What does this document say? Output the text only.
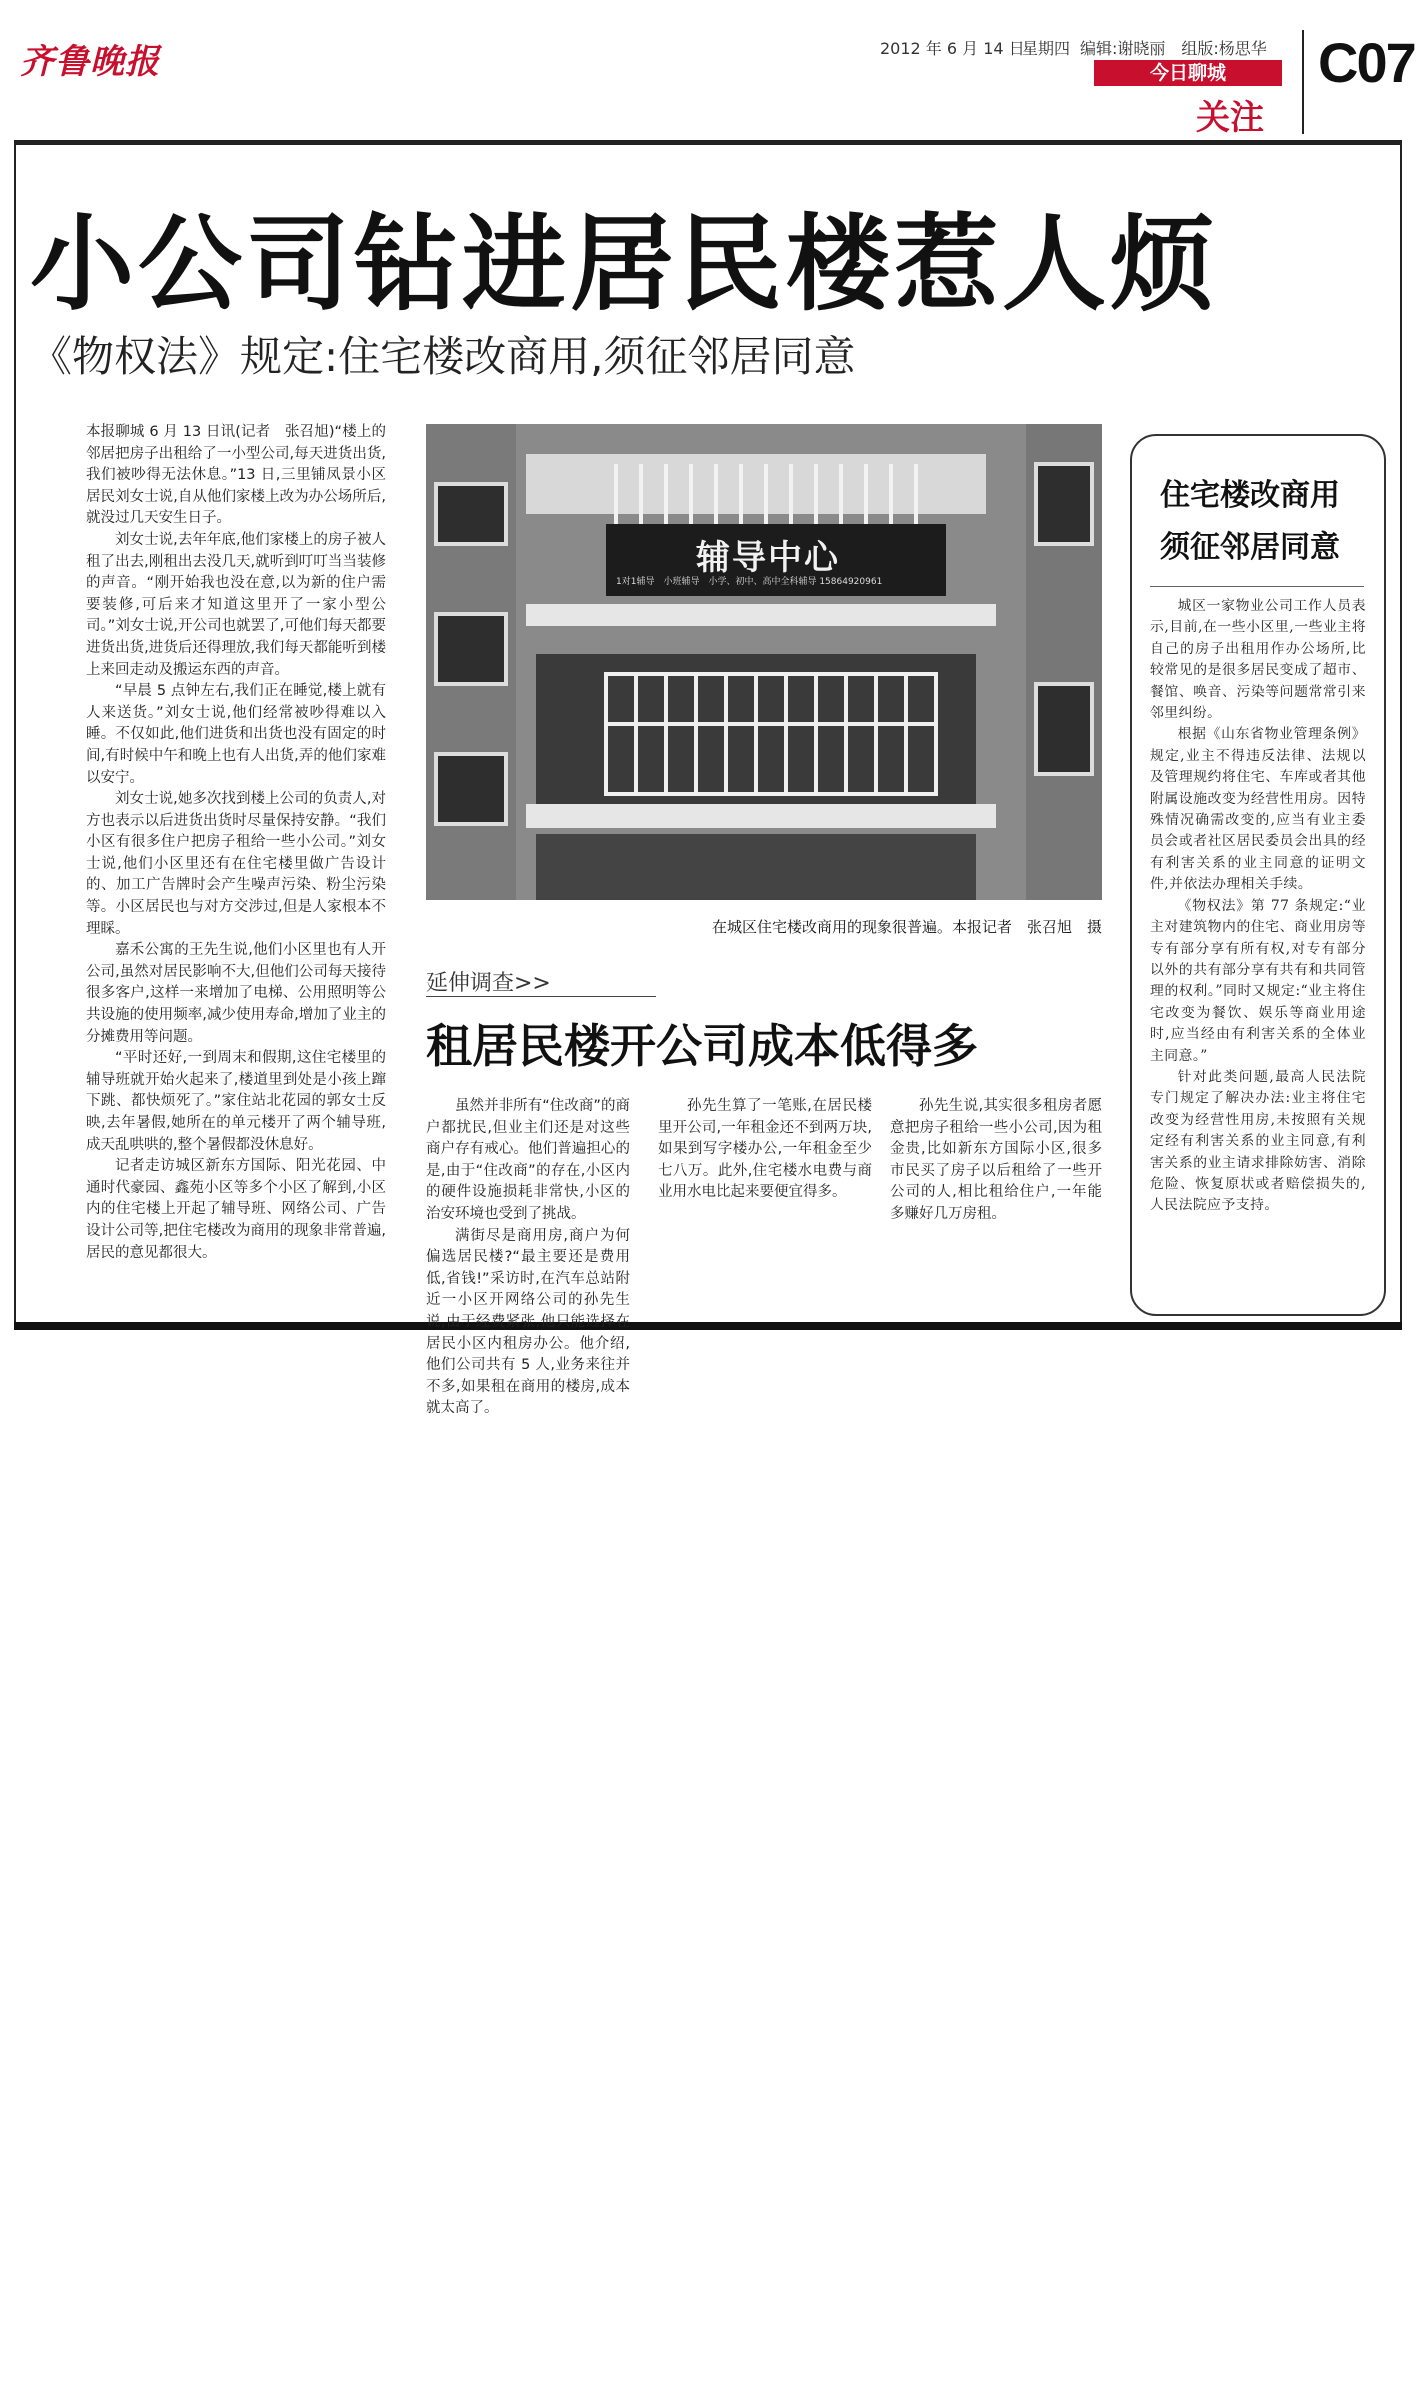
齐鲁晚报	2012 年 6 月 14 日
星期四 编辑:谢晓丽　组版:杨思华
今日聊城
关注
C07
小公司钻进居民楼惹人烦
《物权法》规定:住宅楼改商用,须征邻居同意

本报聊城 6 月 13 日讯(记者　张召旭)“楼上的邻居把房子出租给了一小型公司,每天进货出货,我们被吵得无法休息。”13 日,三里铺凤景小区居民刘女士说,自从他们家楼上改为办公场所后,就没过几天安生日子。

刘女士说,去年年底,他们家楼上的房子被人租了出去,刚租出去没几天,就听到叮叮当当装修的声音。“刚开始我也没在意,以为新的住户需要装修,可后来才知道这里开了一家小型公司。”刘女士说,开公司也就罢了,可他们每天都要进货出货,进货后还得理放,我们每天都能听到楼上来回走动及搬运东西的声音。

“早晨 5 点钟左右,我们正在睡觉,楼上就有人来送货。”刘女士说,他们经常被吵得难以入睡。不仅如此,他们进货和出货也没有固定的时间,有时候中午和晚上也有人出货,弄的他们家难以安宁。

刘女士说,她多次找到楼上公司的负责人,对方也表示以后进货出货时尽量保持安静。“我们小区有很多住户把房子租给一些小公司。”刘女士说,他们小区里还有在住宅楼里做广告设计的、加工广告牌时会产生噪声污染、粉尘污染等。小区居民也与对方交涉过,但是人家根本不理睬。

嘉禾公寓的王先生说,他们小区里也有人开公司,虽然对居民影响不大,但他们公司每天接待很多客户,这样一来增加了电梯、公用照明等公共设施的使用频率,减少使用寿命,增加了业主的分摊费用等问题。

“平时还好,一到周末和假期,这住宅楼里的辅导班就开始火起来了,楼道里到处是小孩上蹿下跳、都快烦死了。”家住站北花园的郭女士反映,去年暑假,她所在的单元楼开了两个辅导班,成天乱哄哄的,整个暑假都没休息好。

记者走访城区新东方国际、阳光花园、中通时代豪园、鑫苑小区等多个小区了解到,小区内的住宅楼上开起了辅导班、网络公司、广告设计公司等,把住宅楼改为商用的现象非常普遍,居民的意见都很大。

辅导中心
1对1辅导　小班辅导　小学、初中、高中全科辅导 15864920961
在城区住宅楼改商用的现象很普遍。本报记者　张召旭　摄
延伸调查>>
租居民楼开公司成本低得多

虽然并非所有“住改商”的商户都扰民,但业主们还是对这些商户存有戒心。他们普遍担心的是,由于“住改商”的存在,小区内的硬件设施损耗非常快,小区的治安环境也受到了挑战。

满街尽是商用房,商户为何偏选居民楼?“最主要还是费用低,省钱!”采访时,在汽车总站附近一小区开网络公司的孙先生说,由于经费紧张,他只能选择在居民小区内租房办公。他介绍,他们公司共有 5 人,业务来往并不多,如果租在商用的楼房,成本就太高了。

孙先生算了一笔账,在居民楼里开公司,一年租金还不到两万块,如果到写字楼办公,一年租金至少七八万。此外,住宅楼水电费与商业用水电比起来要便宜得多。

孙先生说,其实很多租房者愿意把房子租给一些小公司,因为租金贵,比如新东方国际小区,很多市民买了房子以后租给了一些开公司的人,相比租给住户,一年能多赚好几万房租。

住宅楼改商用
须征邻居同意

城区一家物业公司工作人员表示,目前,在一些小区里,一些业主将自己的房子出租用作办公场所,比较常见的是很多居民变成了超市、餐馆、唤音、污染等问题常常引来邻里纠纷。

根据《山东省物业管理条例》规定,业主不得违反法律、法规以及管理规约将住宅、车库或者其他附属设施改变为经营性用房。因特殊情况确需改变的,应当有业主委员会或者社区居民委员会出具的经有利害关系的业主同意的证明文件,并依法办理相关手续。

《物权法》第 77 条规定:“业主对建筑物内的住宅、商业用房等专有部分享有所有权,对专有部分以外的共有部分享有共有和共同管理的权利。”同时又规定:“业主将住宅改变为餐饮、娱乐等商业用途时,应当经由有利害关系的全体业主同意。”

针对此类问题,最高人民法院专门规定了解决办法:业主将住宅改变为经营性用房,未按照有关规定经有利害关系的业主同意,有利害关系的业主请求排除妨害、消除危险、恢复原状或者赔偿损失的,人民法院应予支持。
